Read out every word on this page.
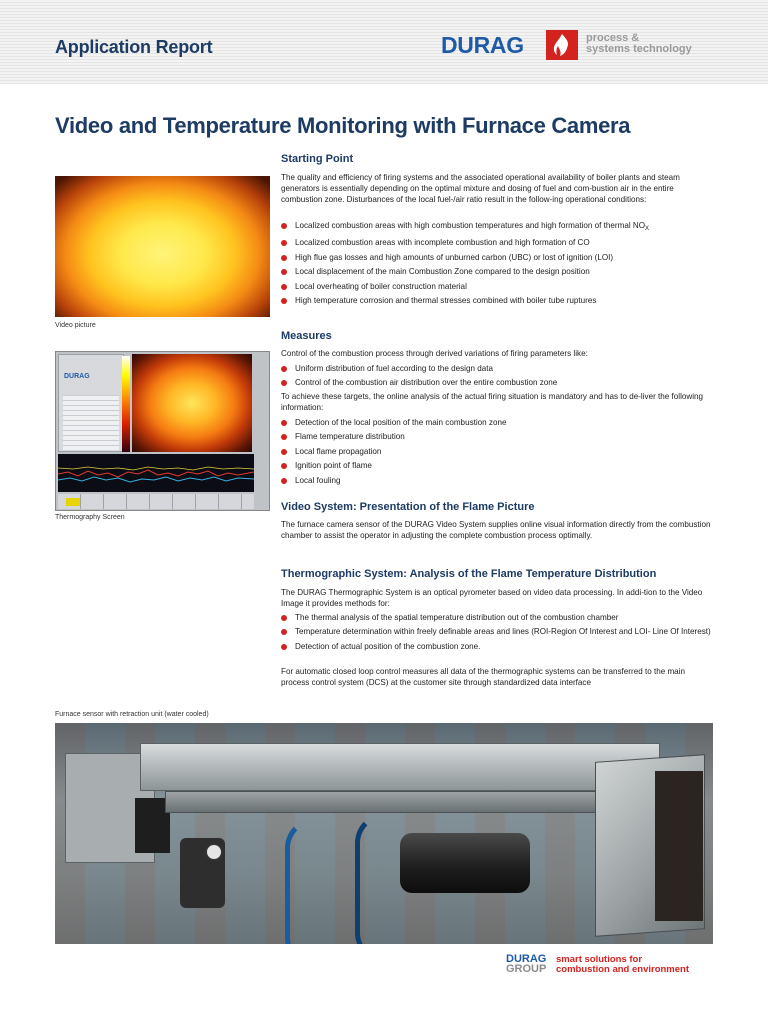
Application Report	DURAG	process &
systems technology
Video and Temperature Monitoring with Furnace Camera
Video picture
DURAG
Thermography Screen
Starting Point
The quality and efficiency of firing systems and the associated operational availability of boiler plants and steam generators is essentially depending on the optimal mixture and dosing of fuel and com-bustion air in the entire combustion zone. Disturbances of the local fuel-/air ratio result in the follow-ing operational conditions:
Localized combustion areas with high combustion temperatures and high formation of thermal $NO_X$
Localized combustion areas with incomplete combustion and high formation of CO
High flue gas losses and high amounts of unburned carbon (UBC) or lost of ignition (LOI)
Local displacement of the main Combustion Zone compared to the design position
Local overheating of boiler construction material
High temperature corrosion and thermal stresses combined with boiler tube ruptures
Measures
Control of the combustion process through derived variations of firing parameters like:
Uniform distribution of fuel according to the design data
Control of the combustion air distribution over the entire combustion zone
To achieve these targets, the online analysis of the actual firing situation is mandatory and has to de-liver the following information:
Detection of the local position of the main combustion zone
Flame temperature distribution
Local flame propagation
Ignition point of flame
Local fouling
Video System: Presentation of the Flame Picture
The furnace camera sensor of the DURAG Video System supplies online visual information directly from the combustion chamber to assist the operator in adjusting the complete combustion process optimally.
Thermographic System: Analysis of the Flame Temperature Distribution
The DURAG Thermographic System is an optical pyrometer based on video data processing. In addi-tion to the Video Image it provides methods for:
The thermal analysis of the spatial temperature distribution out of the combustion chamber
Temperature determination within freely definable areas and lines (ROI-Region Of Interest and LOI- Line Of Interest)
Detection of actual position of the combustion zone.
For automatic closed loop control measures all data of the thermographic systems can be transferred to the main process control system (DCS) at the customer site through standardized data interface
Furnace sensor with retraction unit (water cooled)
DURAG
GROUP
smart solutions for
combustion and environment
